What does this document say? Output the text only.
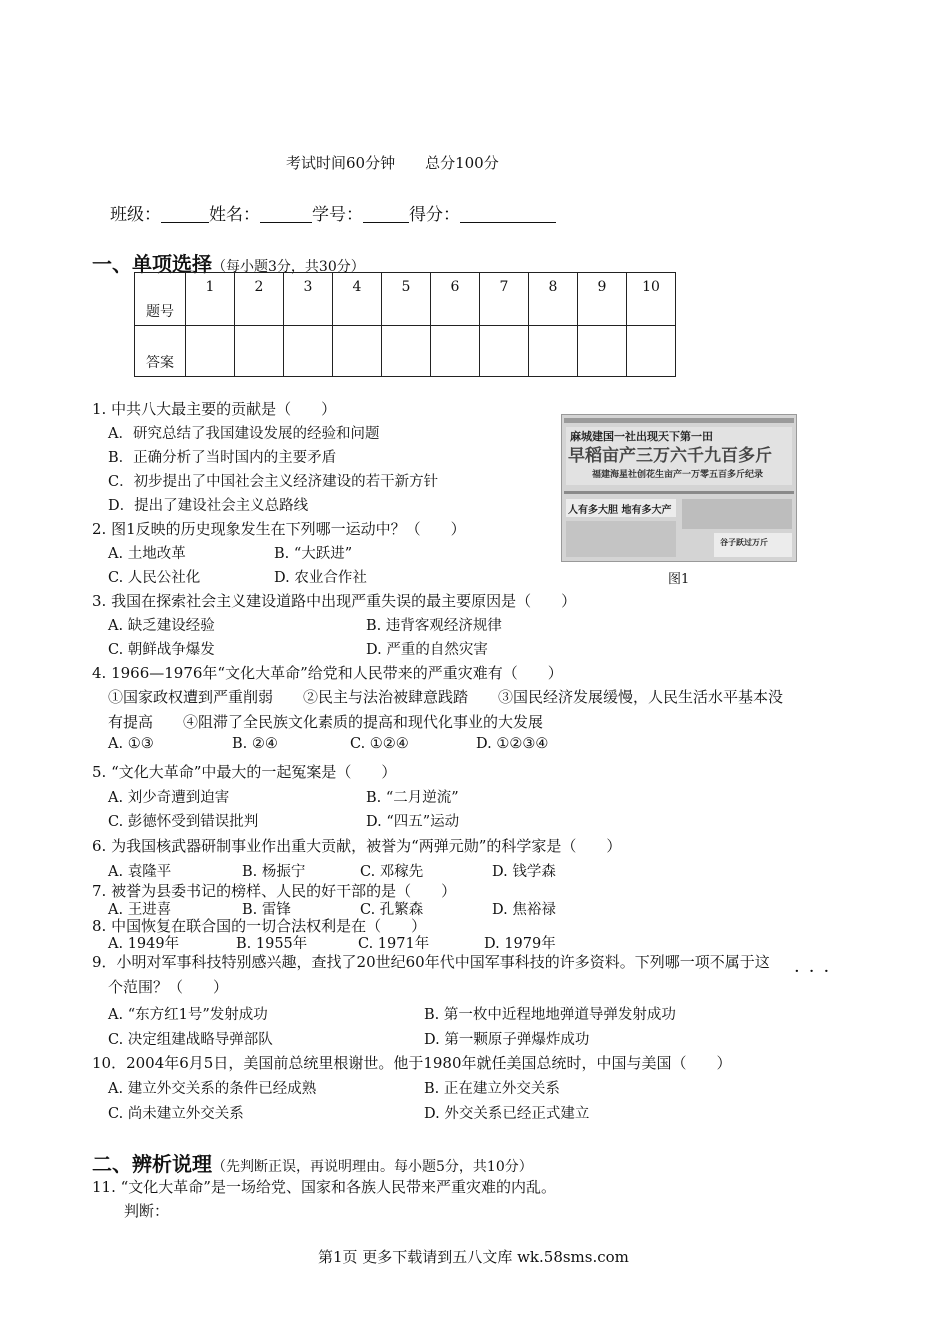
考试时间60分钟 总分100分
班级：	姓名：	学号：	得分：
一、单项选择（每小题3分，共30分）
题号	1	2	3	4	5	6	7	8	9	10
答案										
麻城建国一社出现天下第一田
早稻亩产三万六千九百多斤
福建海星社创花生亩产一万零五百多斤纪录
人有多大胆 地有多大产
谷子跃过万斤
图1
1. 中共八大最主要的贡献是（　　）
A．研究总结了我国建设发展的经验和问题
B．正确分析了当时国内的主要矛盾
C．初步提出了中国社会主义经济建设的若干新方针
D．提出了建设社会主义总路线
2. 图1反映的历史现象发生在下列哪一运动中？（　　）
A. 土地改革	B. “大跃进”
C. 人民公社化	D. 农业合作社
3. 我国在探索社会主义建设道路中出现严重失误的最主要原因是（　　）
A. 缺乏建设经验	B. 违背客观经济规律
C. 朝鲜战争爆发	D. 严重的自然灾害
4. 1966—1976年“文化大革命”给党和人民带来的严重灾难有（　　）
①国家政权遭到严重削弱　　②民主与法治被肆意践踏　　③国民经济发展缓慢，人民生活水平基本没
有提高　　④阻滞了全民族文化素质的提高和现代化事业的大发展
A. ①③	B. ②④	C. ①②④	D. ①②③④
5. “文化大革命”中最大的一起冤案是（　　）
A. 刘少奇遭到迫害	B. “二月逆流”
C. 彭德怀受到错误批判	D. “四五”运动
6. 为我国核武器研制事业作出重大贡献，被誉为“两弹元勋”的科学家是（　　）
A. 袁隆平	B. 杨振宁	C. 邓稼先	D. 钱学森
7. 被誉为县委书记的榜样、人民的好干部的是（　　）
A. 王进喜	B. 雷锋	C. 孔繁森	D. 焦裕禄
8. 中国恢复在联合国的一切合法权利是在（　　）
A. 1949年	B. 1955年	C. 1971年	D. 1979年
9．小明对军事科技特别感兴趣，查找了20世纪60年代中国军事科技的许多资料。下列哪一项不属于这 ···
个范围？（　　）
A. “东方红1号”发射成功	B. 第一枚中近程地地弹道导弹发射成功
C. 决定组建战略导弹部队	D. 第一颗原子弹爆炸成功
10．2004年6月5日，美国前总统里根谢世。他于1980年就任美国总统时，中国与美国（　　）
A. 建立外交关系的条件已经成熟	B. 正在建立外交关系
C. 尚未建立外交关系	D. 外交关系已经正式建立
二、辨析说理（先判断正误，再说明理由。每小题5分，共10分）
11. “文化大革命”是一场给党、国家和各族人民带来严重灾难的内乱。
判断：
第1页 更多下载请到五八文库 wk.58sms.com
